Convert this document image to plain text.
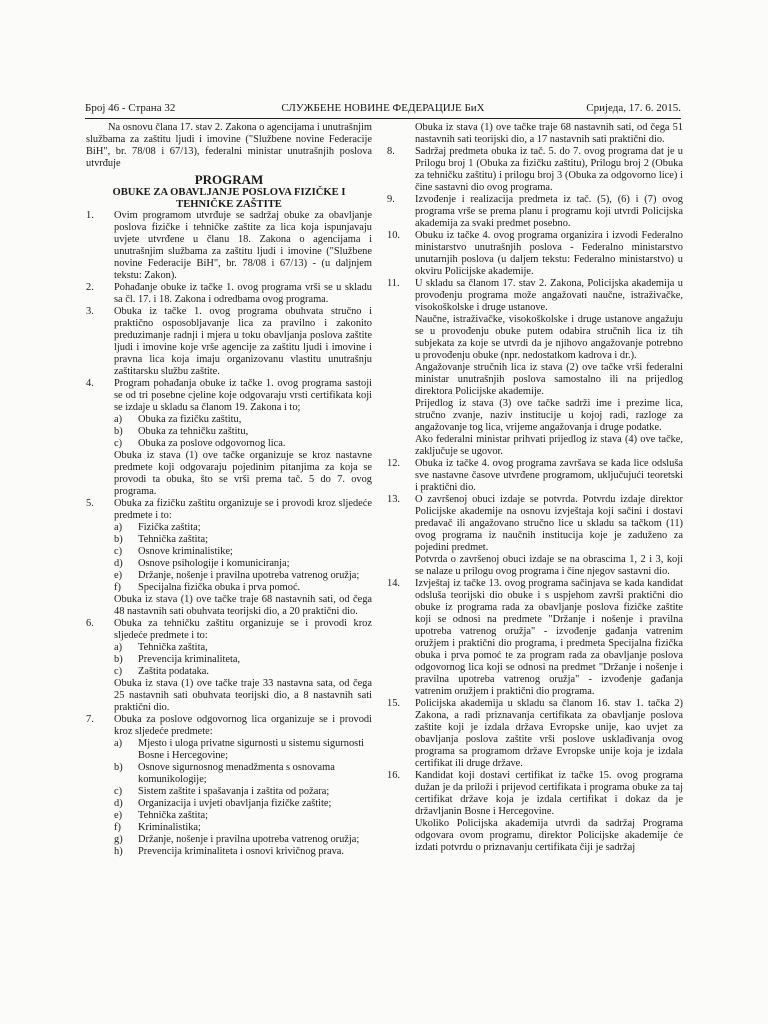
Број 46 - Страна 32	СЛУЖБЕНЕ НОВИНЕ ФЕДЕРАЦИЈЕ БиХ	Сриједа, 17. 6. 2015.

Na osnovu člana 17. stav 2. Zakona o agencijama i unutrašnjim službama za zaštitu ljudi i imovine ("Službene novine Federacije BiH", br. 78/08 i 67/13), federalni ministar unutrašnjih poslova utvrđuje

PROGRAM

OBUKE ZA OBAVLJANJE POSLOVA FIZIČKE I TEHNIČKE ZAŠTITE

1.	Ovim programom utvrđuje se sadržaj obuke za obavljanje poslova fizičke i tehničke zaštite za lica koja ispunjavaju uvjete utvrđene u članu 18. Zakona o agencijama i unutrašnjim službama za zaštitu ljudi i imovine ("Službene novine Federacije BiH", br. 78/08 i 67/13) - (u daljnjem tekstu: Zakon).
2.	Pohađanje obuke iz tačke 1. ovog programa vrši se u skladu sa čl. 17. i 18. Zakona i odredbama ovog programa.
3.	Obuka iz tačke 1. ovog programa obuhvata stručno i praktično osposobljavanje lica za pravilno i zakonito preduzimanje radnji i mjera u toku obavljanja poslova zaštite ljudi i imovine koje vrše agencije za zaštitu ljudi i imovine i pravna lica koja imaju organizovanu vlastitu unutrašnju zaštitarsku službu zaštite.
4.	Program pohađanja obuke iz tačke 1. ovog programa sastoji se od tri posebne cjeline koje odgovaraju vrsti certifikata koji se izdaje u skladu sa članom 19. Zakona i to;
a)	Obuka za fizičku zaštitu,
b)	Obuka za tehničku zaštitu,
c)	Obuka za poslove odgovornog lica.

Obuka iz stava (1) ove tačke organizuje se kroz nastavne predmete koji odgovaraju pojedinim pitanjima za koja se provodi ta obuka, što se vrši prema tač. 5 do 7. ovog programa.

5.	Obuka za fizičku zaštitu organizuje se i provodi kroz sljedeće predmete i to:
a)	Fizička zaštita;
b)	Tehnička zaštita;
c)	Osnove kriminalistike;
d)	Osnove psihologije i komuniciranja;
e)	Držanje, nošenje i pravilna upotreba vatrenog oružja;
f)	Specijalna fizička obuka i prva pomoć.

Obuka iz stava (1) ove tačke traje 68 nastavnih sati, od čega 48 nastavnih sati obuhvata teorijski dio, a 20 praktični dio.

6.	Obuka za tehničku zaštitu organizuje se i provodi kroz sljedeće predmete i to:
a)	Tehnička zaštita,
b)	Prevencija kriminaliteta,
c)	Zaštita podataka.

Obuka iz stava (1) ove tačke traje 33 nastavna sata, od čega 25 nastavnih sati obuhvata teorijski dio, a 8 nastavnih sati praktični dio.

7.	Obuka za poslove odgovornog lica organizuje se i provodi kroz sljedeće predmete:
a)	Mjesto i uloga privatne sigurnosti u sistemu sigurnosti Bosne i Hercegovine;
b)	Osnove sigurnosnog menadžmenta s osnovama komunikologije;
c)	Sistem zaštite i spašavanja i zaštita od požara;
d)	Organizacija i uvjeti obavljanja fizičke zaštite;
e)	Tehnička zaštita;
f)	Kriminalistika;
g)	Držanje, nošenje i pravilna upotreba vatrenog oružja;
h)	Prevencija kriminaliteta i osnovi krivičnog prava.

Obuka iz stava (1) ove tačke traje 68 nastavnih sati, od čega 51 nastavnih sati teorijski dio, a 17 nastavnih sati praktični dio.

8.	Sadržaj predmeta obuka iz tač. 5. do 7. ovog programa dat je u Prilogu broj 1 (Obuka za fizičku zaštitu), Prilogu broj 2 (Obuka za tehničku zaštitu) i prilogu broj 3 (Obuka za odgovorno lice) i čine sastavni dio ovog programa.
9.	Izvođenje i realizacija predmeta iz tač. (5), (6) i (7) ovog programa vrše se prema planu i programu koji utvrdi Policijska akademija za svaki predmet posebno.
10.	Obuku iz tačke 4. ovog programa organizira i izvodi Federalno ministarstvo unutrašnjih poslova - Federalno ministarstvo unutarnjih poslova (u daljem tekstu: Federalno ministarstvo) u okviru Policijske akademije.
11.	U skladu sa članom 17. stav 2. Zakona, Policijska akademija u provođenju programa može angažovati naučne, istraživačke, visokoškolske i druge ustanove.

Naučne, istraživačke, visokoškolske i druge ustanove angažuju se u provođenju obuke putem odabira stručnih lica iz tih subjekata za koje se utvrdi da je njihovo angažovanje potrebno u provođenju obuke (npr. nedostatkom kadrova i dr.).

Angažovanje stručnih lica iz stava (2) ove tačke vrši federalni ministar unutrašnjih poslova samostalno ili na prijedlog direktora Policijske akademije.

Prijedlog iz stava (3) ove tačke sadrži ime i prezime lica, stručno zvanje, naziv institucije u kojoj radi, razloge za angažovanje tog lica, vrijeme angažovanja i druge podatke.

Ako federalni ministar prihvati prijedlog iz stava (4) ove tačke, zaključuje se ugovor.

12.	Obuka iz tačke 4. ovog programa završava se kada lice odsluša sve nastavne časove utvrđene programom, uključujući teoretski i praktični dio.
13.	O završenoj obuci izdaje se potvrda. Potvrdu izdaje direktor Policijske akademije na osnovu izvještaja koji sačini i dostavi predavač ili angažovano stručno lice u skladu sa tačkom (11) ovog programa iz naučnih institucija koje je zaduženo za pojedini predmet.

Potvrda o završenoj obuci izdaje se na obrascima 1, 2 i 3, koji se nalaze u prilogu ovog programa i čine njegov sastavni dio.

14.	Izvještaj iz tačke 13. ovog programa sačinjava se kada kandidat odsluša teorijski dio obuke i s uspjehom završi praktični dio obuke iz programa rada za obavljanje poslova fizičke zaštite koji se odnosi na predmete "Držanje i nošenje i pravilna upotreba vatrenog oružja" - izvođenje gađanja vatrenim oružjem i praktični dio programa, i predmeta Specijalna fizička obuka i prva pomoć te za program rada za obavljanje poslova odgovornog lica koji se odnosi na predmet "Držanje i nošenje i pravilna upotreba vatrenog oružja" - izvođenje gađanja vatrenim oružjem i praktični dio programa.
15.	Policijska akademija u skladu sa članom 16. stav 1. tačka 2) Zakona, a radi priznavanja certifikata za obavljanje poslova zaštite koji je izdala država Evropske unije, kao uvjet za obavljanja poslova zaštite vrši poslove usklađivanja ovog programa sa programom države Evropske unije koja je izdala certifikat ili druge države.
16.	Kandidat koji dostavi certifikat iz tačke 15. ovog programa dužan je da priloži i prijevod certifikata i programa obuke za taj certifikat države koja je izdala certifikat i dokaz da je državljanin Bosne i Hercegovine.

Ukoliko Policijska akademija utvrdi da sadržaj Programa odgovara ovom programu, direktor Policijske akademije će izdati potvrdu o priznavanju certifikata čiji je sadržaj
